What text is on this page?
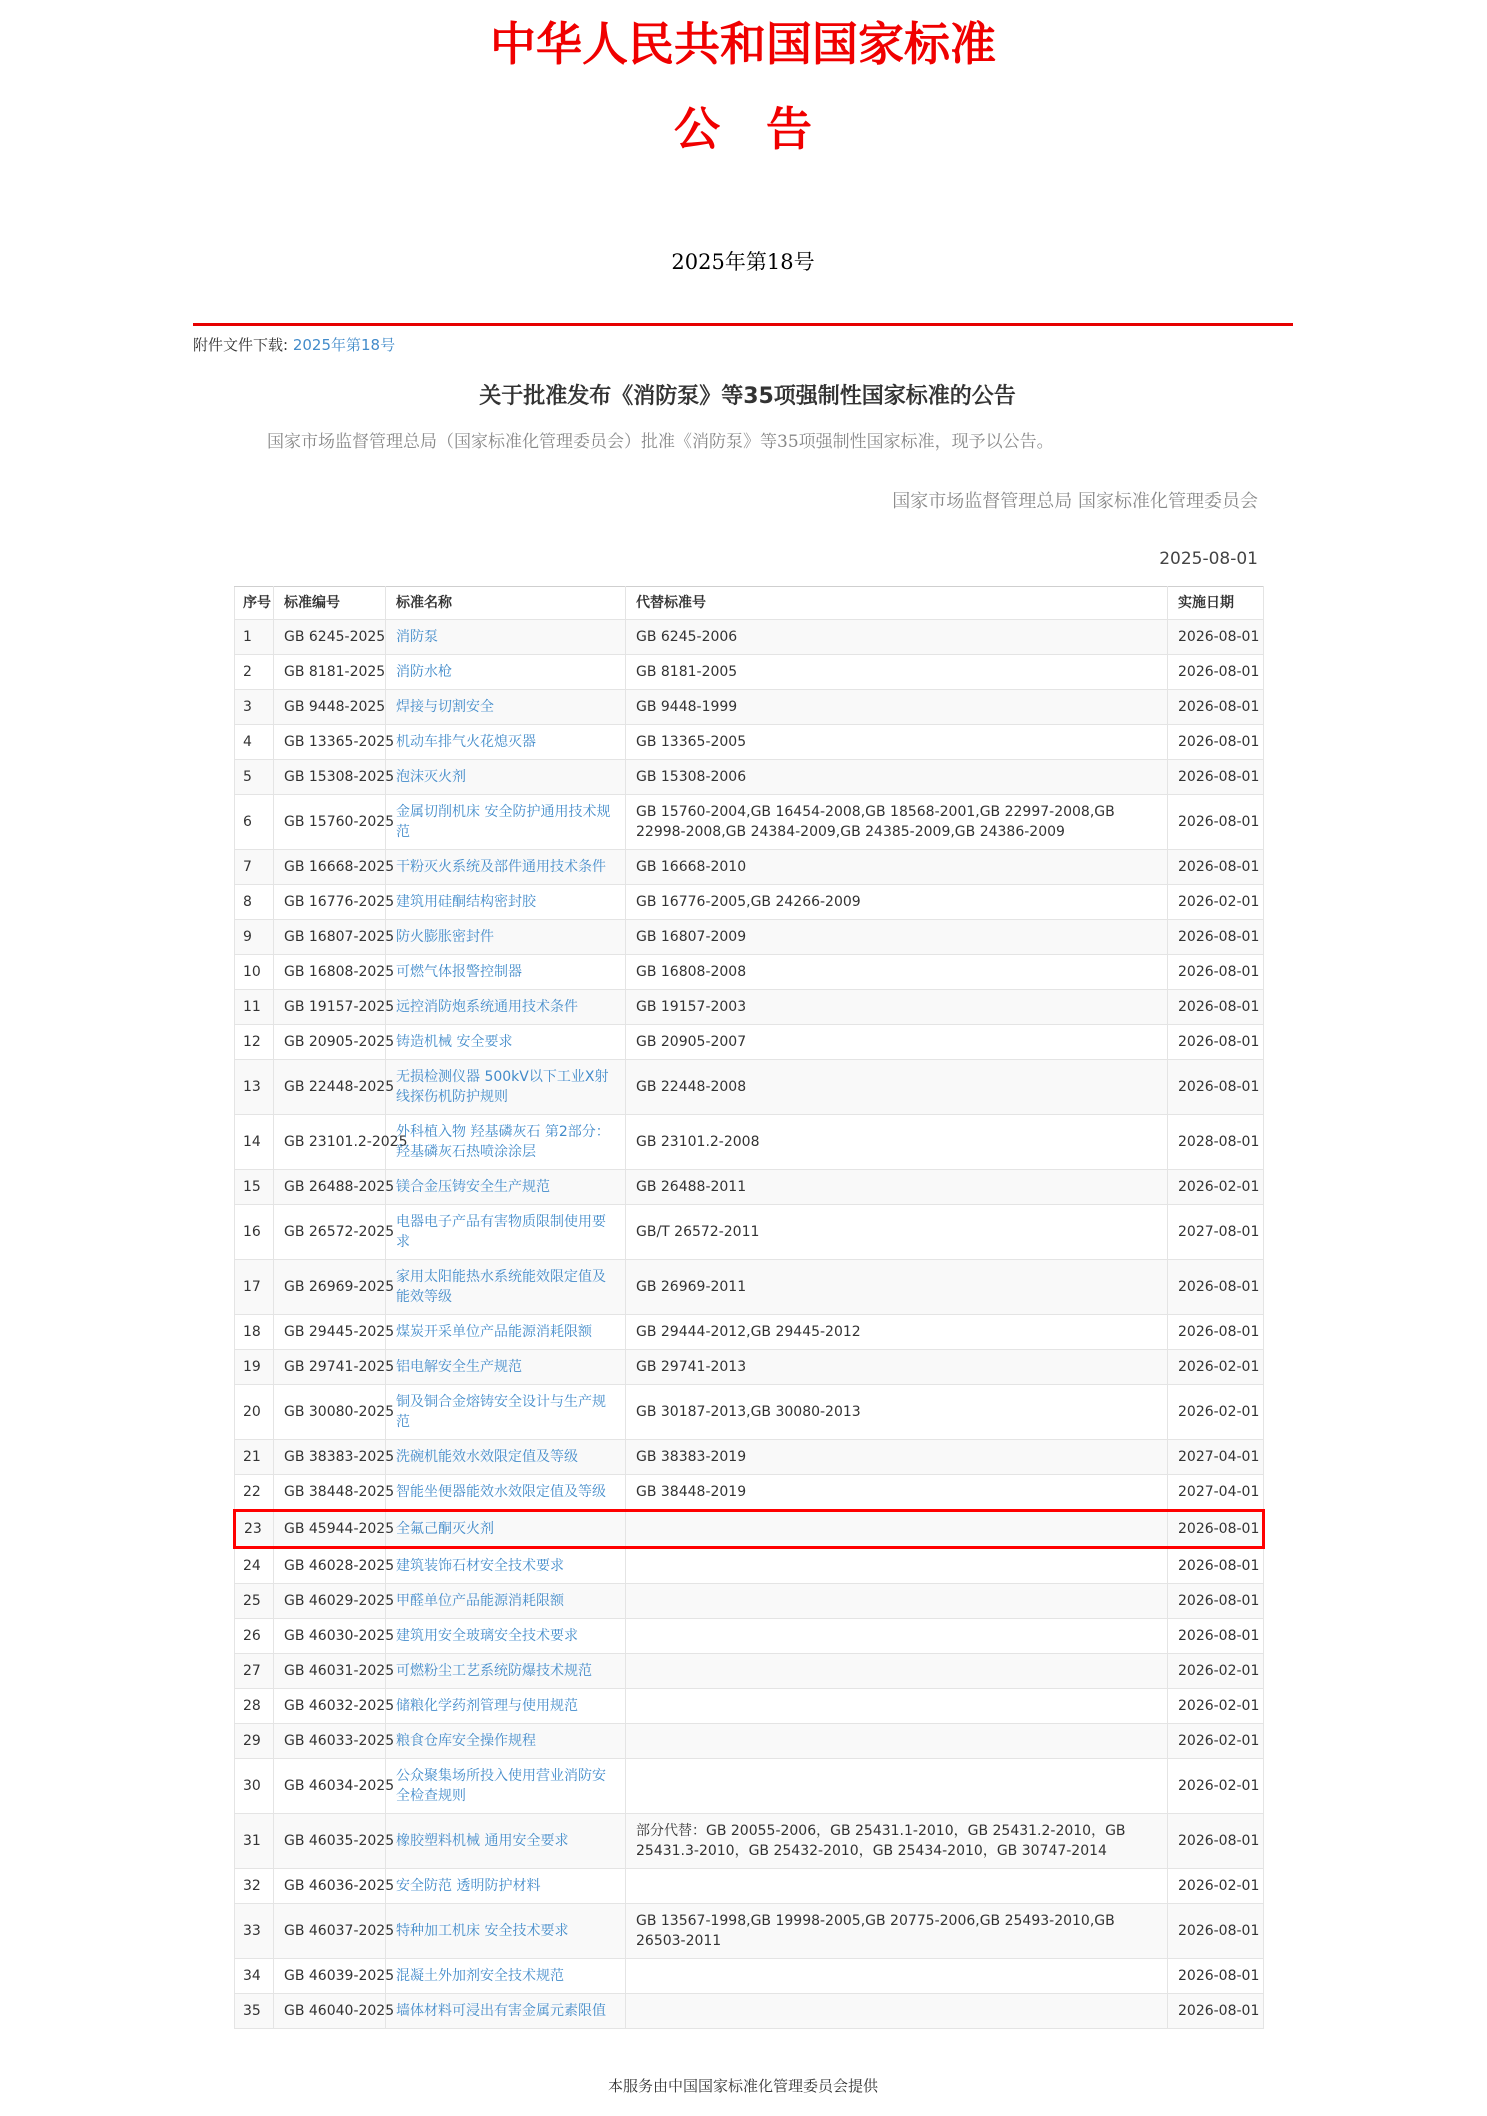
中华人民共和国国家标准
公　告
2025年第18号
附件文件下载: 2025年第18号
关于批准发布《消防泵》等35项强制性国家标准的公告
国家市场监督管理总局（国家标准化管理委员会）批准《消防泵》等35项强制性国家标准，现予以公告。
国家市场监督管理总局 国家标准化管理委员会
2025-08-01
序号	标准编号	标准名称	代替标准号	实施日期
1	GB 6245-2025	消防泵	GB 6245-2006	2026-08-01
2	GB 8181-2025	消防水枪	GB 8181-2005	2026-08-01
3	GB 9448-2025	焊接与切割安全	GB 9448-1999	2026-08-01
4	GB 13365-2025	机动车排气火花熄灭器	GB 13365-2005	2026-08-01
5	GB 15308-2025	泡沫灭火剂	GB 15308-2006	2026-08-01
6	GB 15760-2025	金属切削机床 安全防护通用技术规范	GB 15760-2004,GB 16454-2008,GB 18568-2001,GB 22997-2008,GB 22998-2008,GB 24384-2009,GB 24385-2009,GB 24386-2009	2026-08-01
7	GB 16668-2025	干粉灭火系统及部件通用技术条件	GB 16668-2010	2026-08-01
8	GB 16776-2025	建筑用硅酮结构密封胶	GB 16776-2005,GB 24266-2009	2026-02-01
9	GB 16807-2025	防火膨胀密封件	GB 16807-2009	2026-08-01
10	GB 16808-2025	可燃气体报警控制器	GB 16808-2008	2026-08-01
11	GB 19157-2025	远控消防炮系统通用技术条件	GB 19157-2003	2026-08-01
12	GB 20905-2025	铸造机械 安全要求	GB 20905-2007	2026-08-01
13	GB 22448-2025	无损检测仪器 500kV以下工业X射线探伤机防护规则	GB 22448-2008	2026-08-01
14	GB 23101.2-2025	外科植入物 羟基磷灰石 第2部分：羟基磷灰石热喷涂涂层	GB 23101.2-2008	2028-08-01
15	GB 26488-2025	镁合金压铸安全生产规范	GB 26488-2011	2026-02-01
16	GB 26572-2025	电器电子产品有害物质限制使用要求	GB/T 26572-2011	2027-08-01
17	GB 26969-2025	家用太阳能热水系统能效限定值及能效等级	GB 26969-2011	2026-08-01
18	GB 29445-2025	煤炭开采单位产品能源消耗限额	GB 29444-2012,GB 29445-2012	2026-08-01
19	GB 29741-2025	铝电解安全生产规范	GB 29741-2013	2026-02-01
20	GB 30080-2025	铜及铜合金熔铸安全设计与生产规范	GB 30187-2013,GB 30080-2013	2026-02-01
21	GB 38383-2025	洗碗机能效水效限定值及等级	GB 38383-2019	2027-04-01
22	GB 38448-2025	智能坐便器能效水效限定值及等级	GB 38448-2019	2027-04-01
23	GB 45944-2025	全氟己酮灭火剂		2026-08-01
24	GB 46028-2025	建筑装饰石材安全技术要求		2026-08-01
25	GB 46029-2025	甲醛单位产品能源消耗限额		2026-08-01
26	GB 46030-2025	建筑用安全玻璃安全技术要求		2026-08-01
27	GB 46031-2025	可燃粉尘工艺系统防爆技术规范		2026-02-01
28	GB 46032-2025	储粮化学药剂管理与使用规范		2026-02-01
29	GB 46033-2025	粮食仓库安全操作规程		2026-02-01
30	GB 46034-2025	公众聚集场所投入使用营业消防安全检查规则		2026-02-01
31	GB 46035-2025	橡胶塑料机械 通用安全要求	部分代替：GB 20055-2006，GB 25431.1-2010，GB 25431.2-2010，GB 25431.3-2010，GB 25432-2010，GB 25434-2010，GB 30747-2014	2026-08-01
32	GB 46036-2025	安全防范 透明防护材料		2026-02-01
33	GB 46037-2025	特种加工机床 安全技术要求	GB 13567-1998,GB 19998-2005,GB 20775-2006,GB 25493-2010,GB 26503-2011	2026-08-01
34	GB 46039-2025	混凝土外加剂安全技术规范		2026-08-01
35	GB 46040-2025	墙体材料可浸出有害金属元素限值		2026-08-01
本服务由中国国家标准化管理委员会提供
